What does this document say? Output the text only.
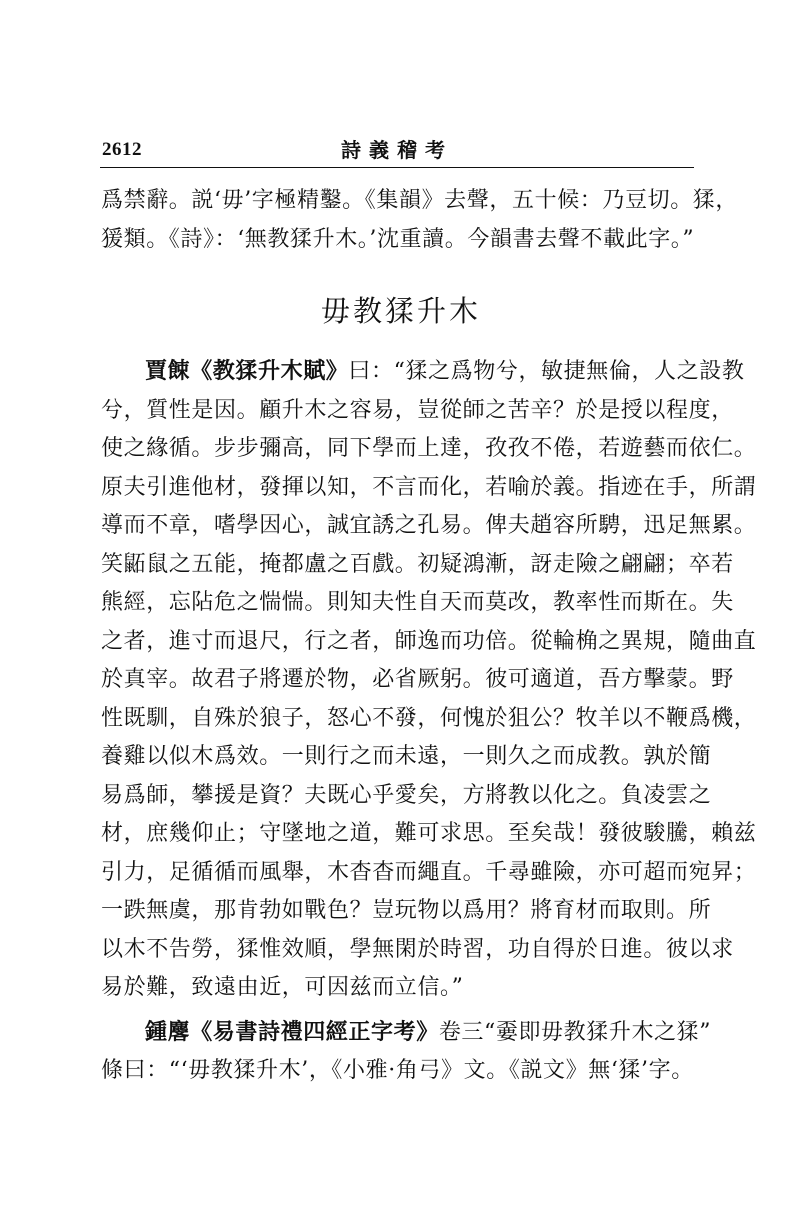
2612	詩義稽考
爲禁辭。説‘毋’字極精鑿。《集韻》去聲，五十候：乃豆切。猱，
猨類。《詩》：‘無教猱升木。’沈重讀。今韻書去聲不載此字。”
毋教猱升木
賈餗《教猱升木賦》曰：“猱之爲物兮，敏捷無倫，人之設教
兮，質性是因。顧升木之容易，豈從師之苦辛？於是授以程度，
使之緣循。步步彌高，同下學而上達，孜孜不倦，若遊藝而依仁。
原夫引進他材，發揮以知，不言而化，若喻於義。指迹在手，所謂
導而不章，嗜學因心，誠宜誘之孔易。俾夫趙容所騁，迅足無累。
笑鼫鼠之五能，掩都盧之百戲。初疑鴻漸，訝走險之翩翩；卒若
熊經，忘阽危之惴惴。則知夫性自天而莫改，教率性而斯在。失
之者，進寸而退尺，行之者，師逸而功倍。從輪桷之異規，隨曲直
於真宰。故君子將遷於物，必省厥躬。彼可適道，吾方擊蒙。野
性既馴，自殊於狼子，怒心不發，何愧於狙公？牧羊以不鞭爲機，
養雞以似木爲效。一則行之而未遠，一則久之而成教。孰於簡
易爲師，攀援是資？夫既心乎愛矣，方將教以化之。負凌雲之
材，庶幾仰止；守墜地之道，難可求思。至矣哉！發彼駿騰，賴兹
引力，足循循而風舉，木杳杳而繩直。千尋雖險，亦可超而宛昇；
一跌無虞，那肯勃如戰色？豈玩物以爲用？將育材而取則。所
以木不告勞，猱惟效順，學無閑於時習，功自得於日進。彼以求
易於難，致遠由近，可因兹而立信。”
鍾麐《易書詩禮四經正字考》卷三“嫑即毋教猱升木之猱”
條曰：“‘毋教猱升木’，《小雅·角弓》文。《説文》無‘猱’字。
